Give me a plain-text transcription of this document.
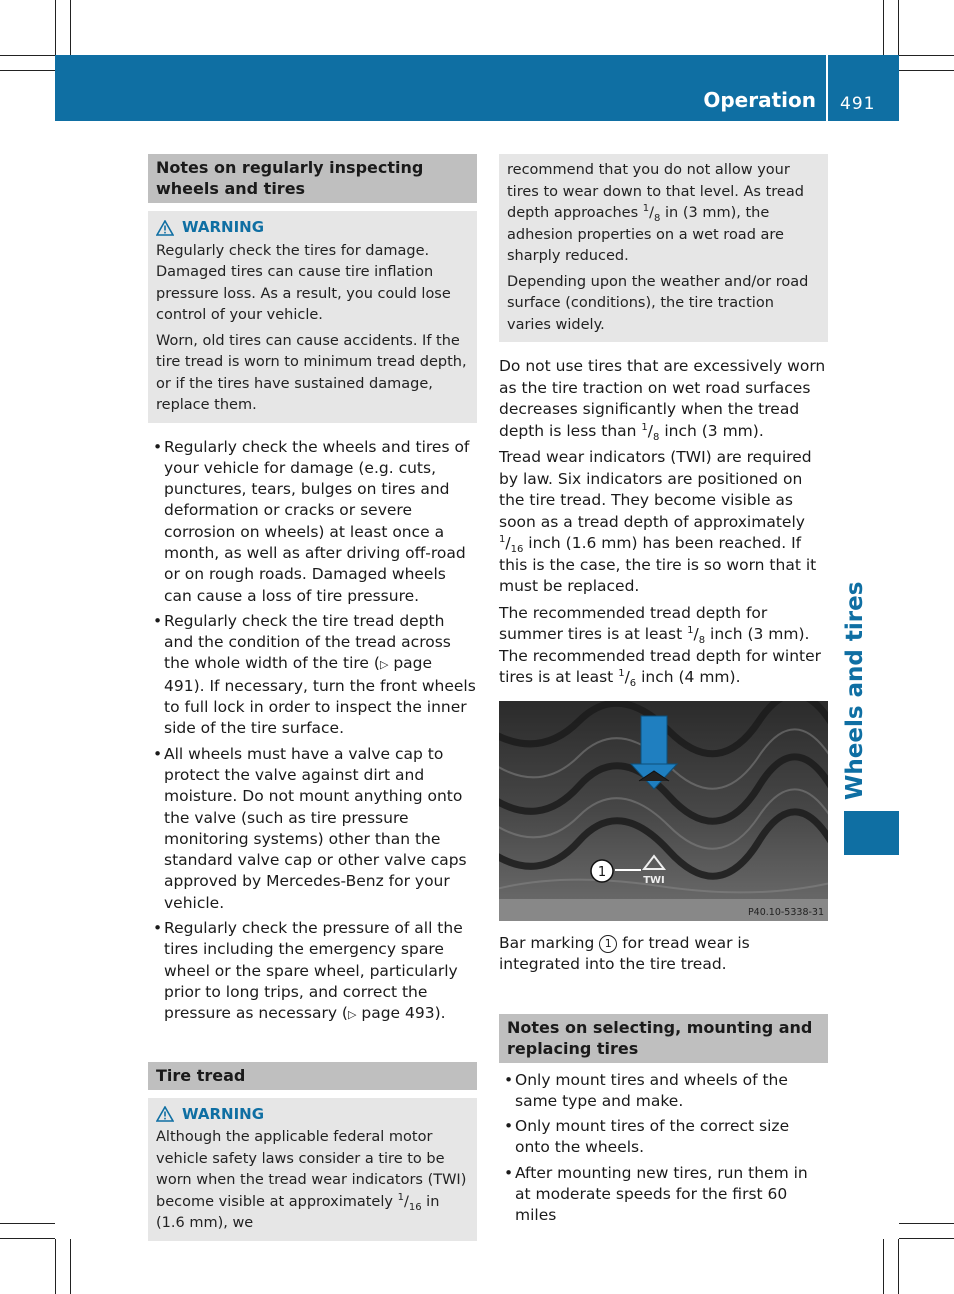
Operation 491
Wheels and tires
Notes on regularly inspecting wheels and tires
WARNING

Regularly check the tires for damage. Damaged tires can cause tire inflation pressure loss. As a result, you could lose control of your vehicle.

Worn, old tires can cause accidents. If the tire tread is worn to minimum tread depth, or if the tires have sustained damage, replace them.

• Regularly check the wheels and tires of your vehicle for damage (e.g. cuts, punctures, tears, bulges on tires and deformation or cracks or severe corrosion on wheels) at least once a month, as well as after driving off-road or on rough roads. Damaged wheels can cause a loss of tire pressure.
• Regularly check the tire tread depth and the condition of the tread across the whole width of the tire (▷ page 491). If necessary, turn the front wheels to full lock in order to inspect the inner side of the tire surface.
• All wheels must have a valve cap to protect the valve against dirt and moisture. Do not mount anything onto the valve (such as tire pressure monitoring systems) other than the standard valve cap or other valve caps approved by Mercedes-Benz for your vehicle.
• Regularly check the pressure of all the tires including the emergency spare wheel or the spare wheel, particularly prior to long trips, and correct the pressure as necessary (▷ page 493).
Tire tread
WARNING

Although the applicable federal motor vehicle safety laws consider a tire to be worn when the tread wear indicators (TWI) become visible at approximately $^1/_{16}$ in (1.6 mm), we

recommend that you do not allow your tires to wear down to that level. As tread depth approaches $^1/_8$ in (3 mm), the adhesion properties on a wet road are sharply reduced.

Depending upon the weather and/or road surface (conditions), the tire traction varies widely.

Do not use tires that are excessively worn as the tire traction on wet road surfaces decreases significantly when the tread depth is less than $^1/_8$ inch (3 mm).

Tread wear indicators (TWI) are required by law. Six indicators are positioned on the tire tread. They become visible as soon as a tread depth of approximately $^1/_{16}$ inch (1.6 mm) has been reached. If this is the case, the tire is so worn that it must be replaced.

The recommended tread depth for summer tires is at least $^1/_8$ inch (3 mm). The recommended tread depth for winter tires is at least $^1/_6$ inch (4 mm).

1
TWI
P40.10-5338-31

Bar marking 1 for tread wear is integrated into the tire tread.

Notes on selecting, mounting and replacing tires
• Only mount tires and wheels of the same type and make.
• Only mount tires of the correct size onto the wheels.
• After mounting new tires, run them in at moderate speeds for the first 60 miles
